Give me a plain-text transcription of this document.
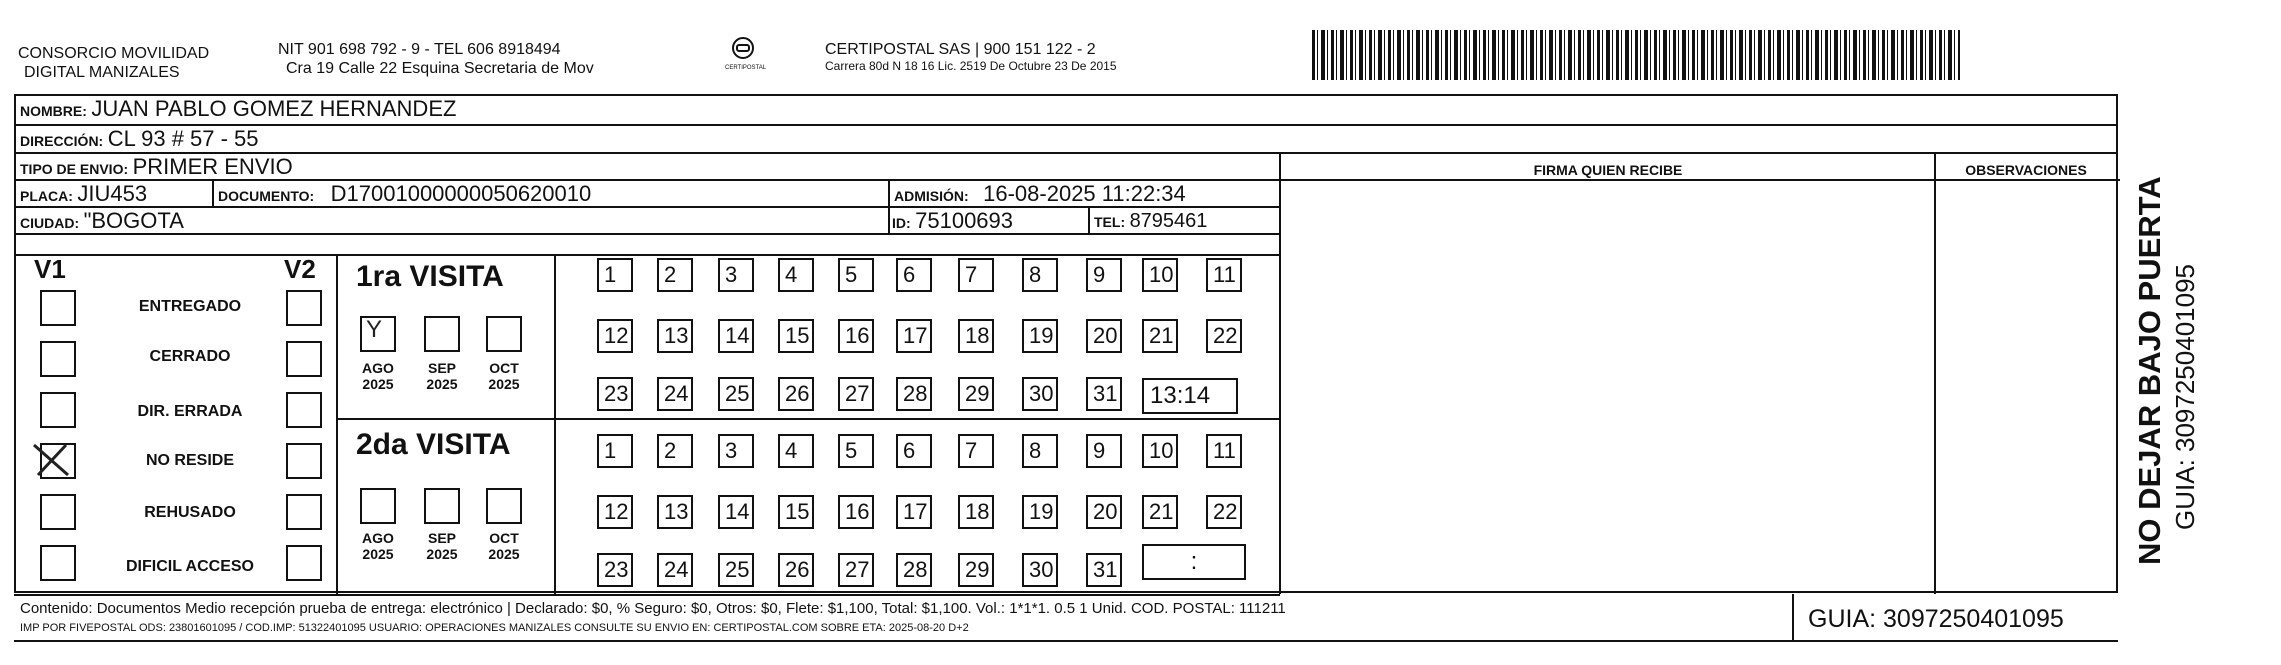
CONSORCIO MOVILIDAD
DIGITAL MANIZALES
NIT 901 698 792 - 9 - TEL 606 8918494
Cra 19 Calle 22 Esquina Secretaria de Mov	CERTIPOSTAL
CERTIPOSTAL SAS | 900 151 122 - 2
Carrera 80d N 18 16 Lic. 2519 De Octubre 23 De 2015
NOMBRE: JUAN PABLO GOMEZ HERNANDEZ
DIRECCIÓN: CL 93 # 57 - 55
TIPO DE ENVIO: PRIMER ENVIO	FIRMA QUIEN RECIBE	OBSERVACIONES
PLACA: JIU453	DOCUMENTO: D17001000000050620010	ADMISIÓN: 16-08-2025 11:22:34
CIUDAD: "BOGOTA	ID: 75100693	TEL: 8795461
V1	V2
ENTREGADO
CERRADO
DIR. ERRADA
NO RESIDE
REHUSADO
DIFICIL ACCESO
1ra VISITA
Y
AGO
2025
SEP
2025
OCT
2025
1	2	3	4	5	6	7	8	9	10	11
12	13	14	15	16	17	18	19	20	21	22
23	24	25	26	27	28	29	30	31	13:14
2da VISITA
AGO
2025
SEP
2025
OCT
2025
1	2	3	4	5	6	7	8	9	10	11
12	13	14	15	16	17	18	19	20	21	22
23	24	25	26	27	28	29	30	31	:
Contenido: Documentos Medio recepción prueba de entrega: electrónico | Declarado: $0, % Seguro: $0, Otros: $0, Flete: $1,100, Total: $1,100. Vol.: 1*1*1. 0.5 1 Unid. COD. POSTAL: 111211
IMP POR FIVEPOSTAL ODS: 23801601095 / COD.IMP: 51322401095 USUARIO: OPERACIONES MANIZALES CONSULTE SU ENVIO EN: CERTIPOSTAL.COM SOBRE ETA: 2025-08-20 D+2	GUIA: 3097250401095
NO DEJAR BAJO PUERTA GUIA: 3097250401095
